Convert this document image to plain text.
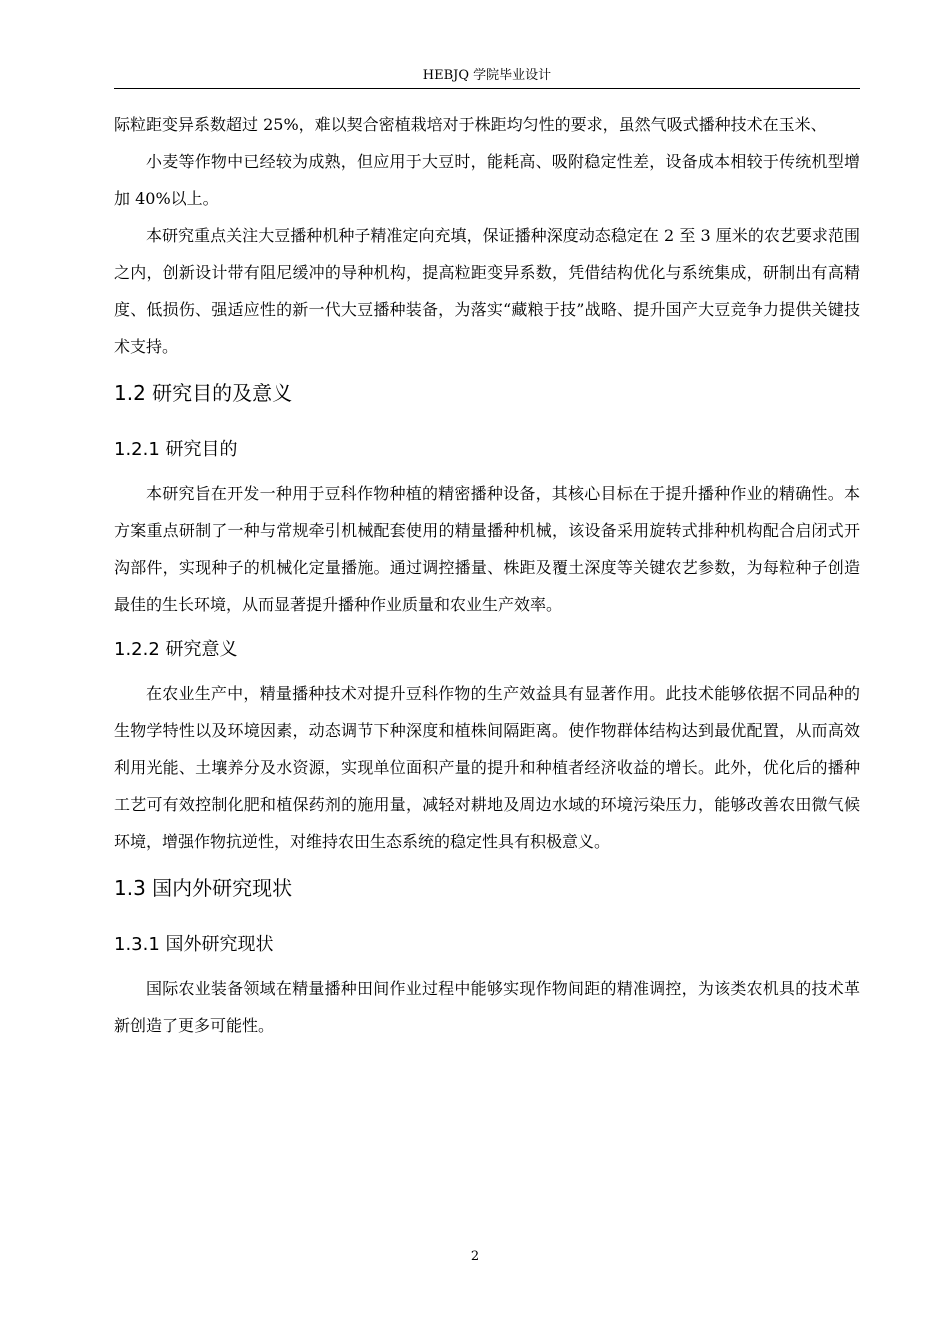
HEBJQ 学院毕业设计

际粒距变异系数超过 25%，难以契合密植栽培对于株距均匀性的要求，虽然气吸式播种技术在玉米、

小麦等作物中已经较为成熟，但应用于大豆时，能耗高、吸附稳定性差，设备成本相较于传统机型增加 40%以上。

本研究重点关注大豆播种机种子精准定向充填，保证播种深度动态稳定在 2 至 3 厘米的农艺要求范围之内，创新设计带有阻尼缓冲的导种机构，提高粒距变异系数，凭借结构优化与系统集成，研制出有高精度、低损伤、强适应性的新一代大豆播种装备，为落实“藏粮于技”战略、提升国产大豆竞争力提供关键技术支持。

1.2 研究目的及意义
1.2.1 研究目的

本研究旨在开发一种用于豆科作物种植的精密播种设备，其核心目标在于提升播种作业的精确性。本方案重点研制了一种与常规牵引机械配套使用的精量播种机械，该设备采用旋转式排种机构配合启闭式开沟部件，实现种子的机械化定量播施。通过调控播量、株距及覆土深度等关键农艺参数，为每粒种子创造最佳的生长环境，从而显著提升播种作业质量和农业生产效率。

1.2.2 研究意义

在农业生产中，精量播种技术对提升豆科作物的生产效益具有显著作用。此技术能够依据不同品种的生物学特性以及环境因素，动态调节下种深度和植株间隔距离。使作物群体结构达到最优配置，从而高效利用光能、土壤养分及水资源，实现单位面积产量的提升和种植者经济收益的增长。此外，优化后的播种工艺可有效控制化肥和植保药剂的施用量，减轻对耕地及周边水域的环境污染压力，能够改善农田微气候环境，增强作物抗逆性，对维持农田生态系统的稳定性具有积极意义。

1.3 国内外研究现状
1.3.1 国外研究现状

国际农业装备领域在精量播种田间作业过程中能够实现作物间距的精准调控，为该类农机具的技术革新创造了更多可能性。

2
